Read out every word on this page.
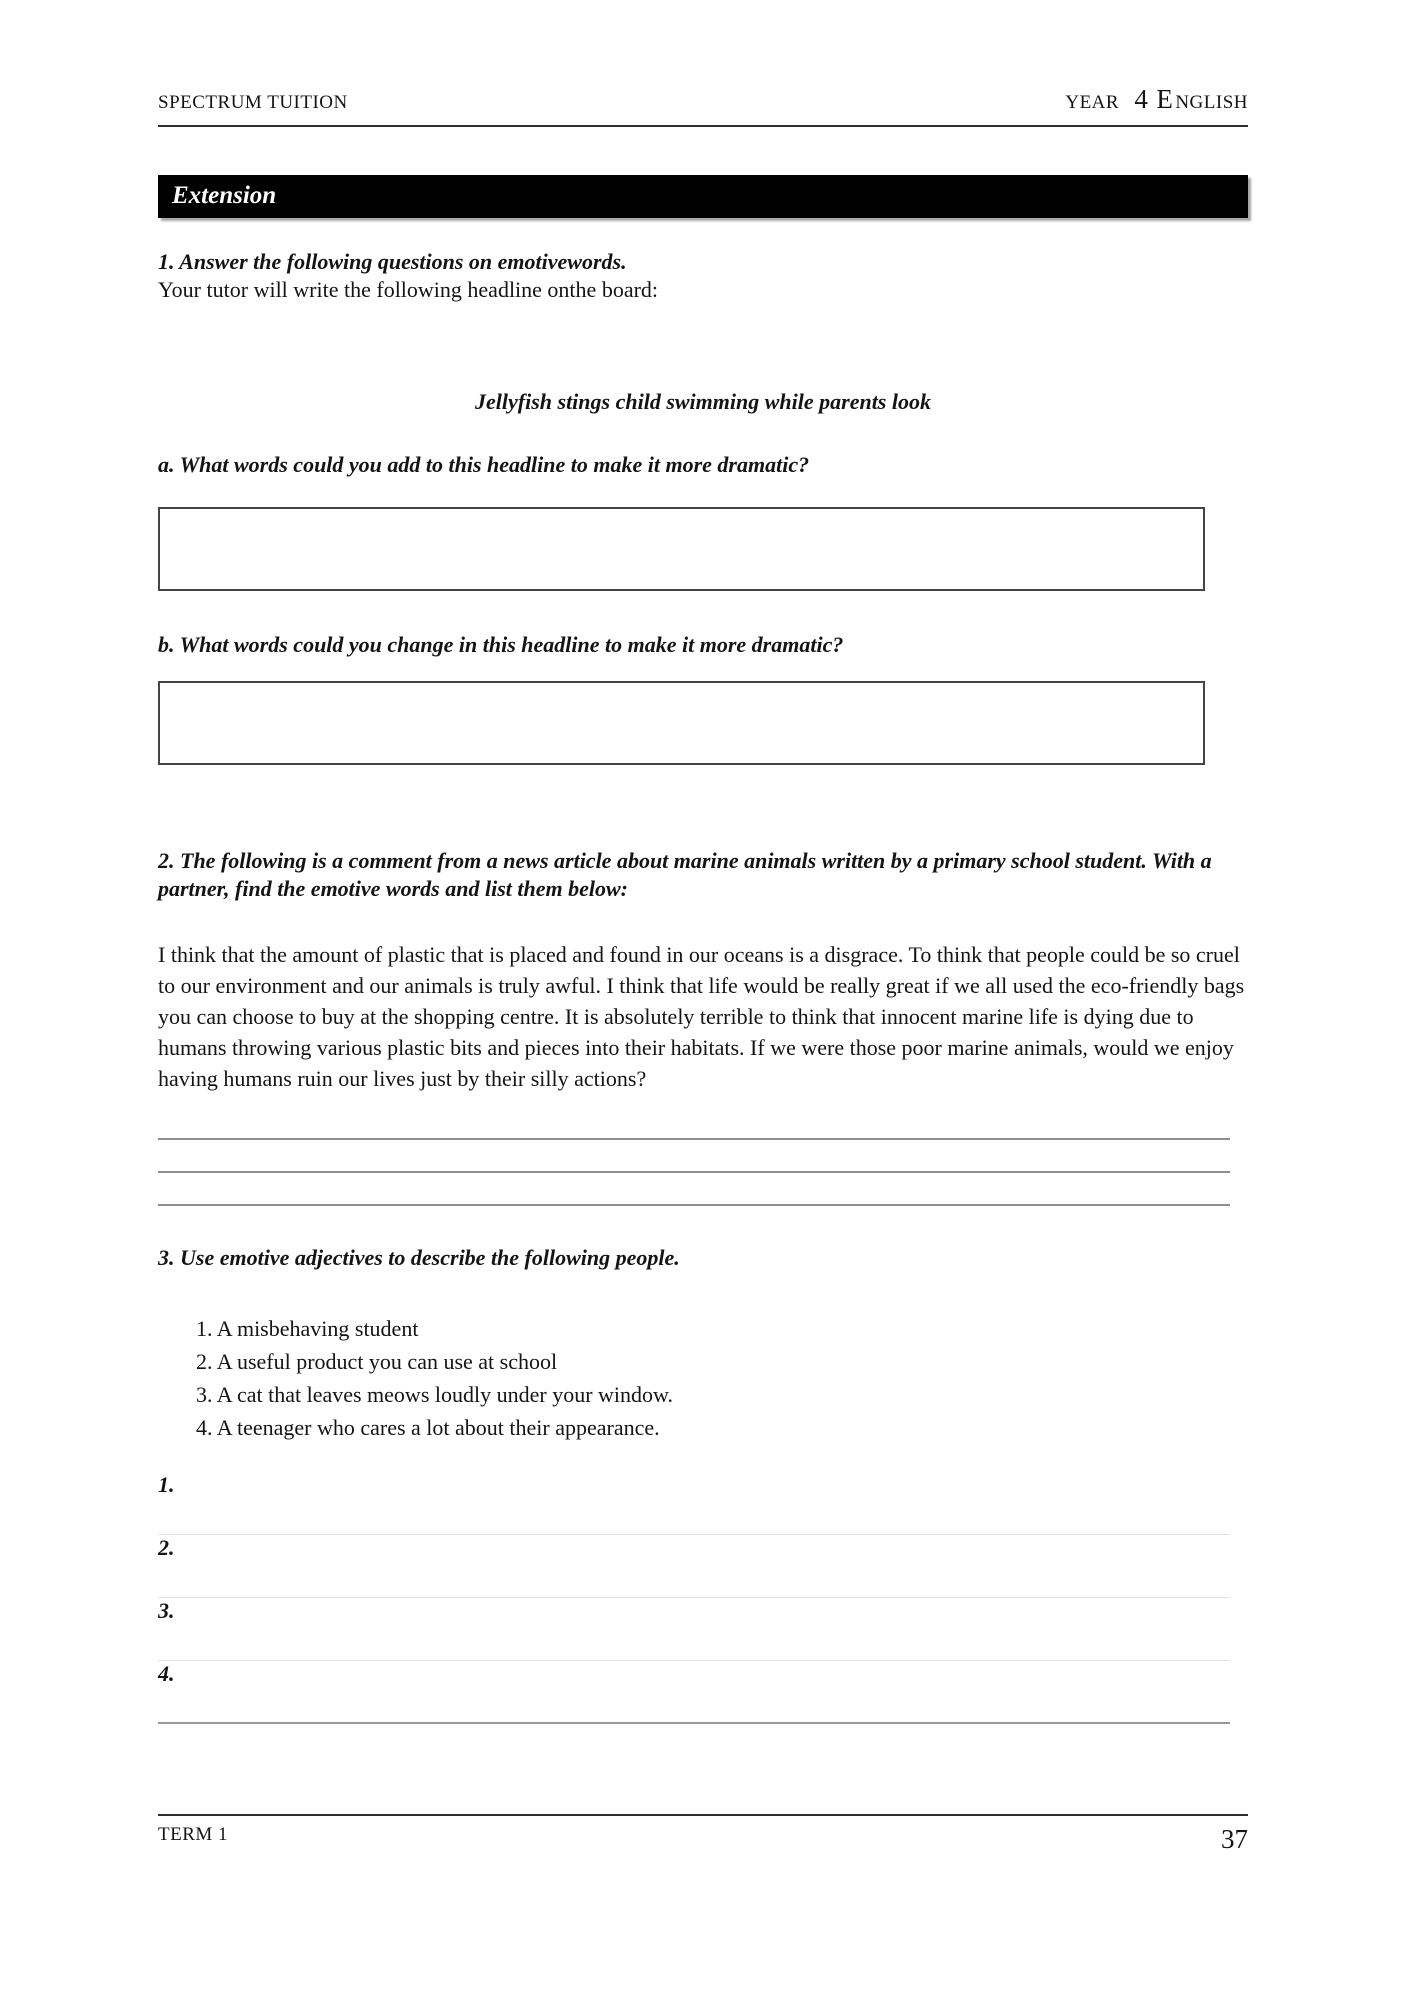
SPECTRUM TUITION	YEAR 4 E NGLISH
Extension
1. Answer the following questions on emotivewords.
Your tutor will write the following headline onthe board:
Jellyfish stings child swimming while parents look
a. What words could you add to this headline to make it more dramatic?
b. What words could you change in this headline to make it more dramatic?
2. The following is a comment from a news article about marine animals written by a primary school student. With a partner, find the emotive words and list them below:
I think that the amount of plastic that is placed and found in our oceans is a disgrace. To think that people could be so cruel to our environment and our animals is truly awful. I think that life would be really great if we all used the eco-friendly bags you can choose to buy at the shopping centre. It is absolutely terrible to think that innocent marine life is dying due to humans throwing various plastic bits and pieces into their habitats. If we were those poor marine animals, would we enjoy having humans ruin our lives just by their silly actions?
3. Use emotive adjectives to describe the following people.
1. A misbehaving student
2. A useful product you can use at school
3. A cat that leaves meows loudly under your window.
4. A teenager who cares a lot about their appearance.
1.
2.
3.
4.
TERM 1	37
